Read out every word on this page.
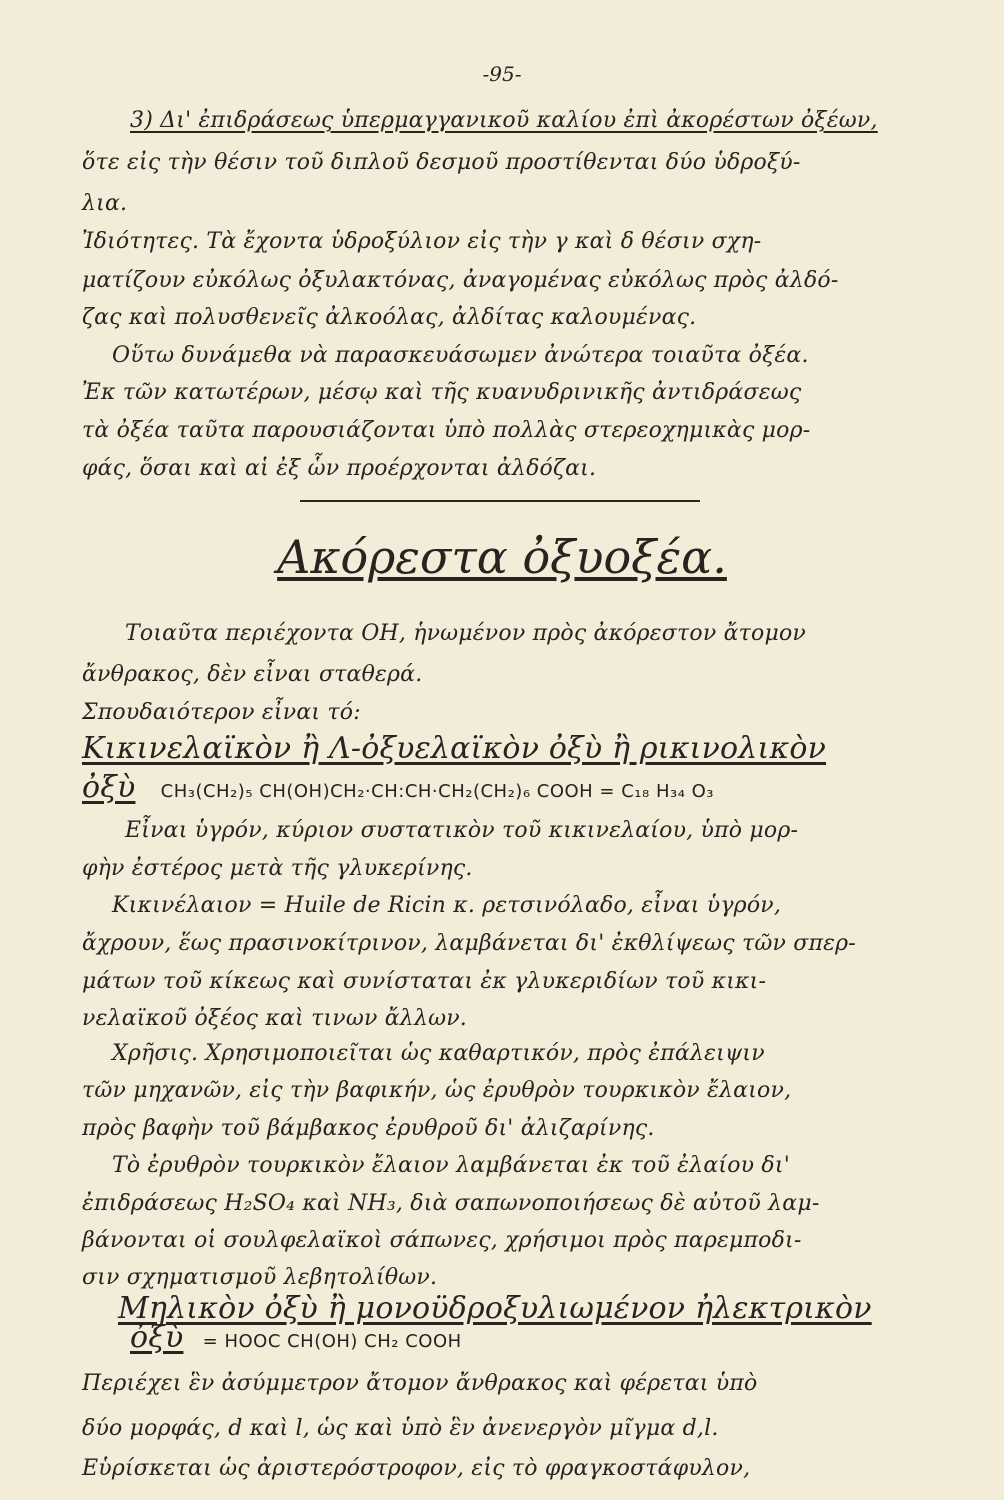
-95-
3) Δι' ἐπιδράσεως ὑπερμαγγανικοῦ καλίου ἐπὶ ἀκορέστων ὀξέων,
ὅτε εἰς τὴν θέσιν τοῦ διπλοῦ δεσμοῦ προστίθενται δύο ὑδροξύ-
λια.
Ἰδιότητες. Τὰ ἔχοντα ὑδροξύλιον εἰς τὴν γ καὶ δ θέσιν σχη-
ματίζουν εὐκόλως ὀξυλακτόνας, ἀναγομένας εὐκόλως πρὸς ἀλδό-
ζας καὶ πολυσθενεῖς ἀλκοόλας, ἀλδίτας καλουμένας.
Οὕτω δυνάμεθα νὰ παρασκευάσωμεν ἀνώτερα τοιαῦτα ὀξέα.
Ἐκ τῶν κατωτέρων, μέσῳ καὶ τῆς κυανυδρινικῆς ἀντιδράσεως
τὰ ὀξέα ταῦτα παρουσιάζονται ὑπὸ πολλὰς στερεοχημικὰς μορ-
φάς, ὅσαι καὶ αἱ ἐξ ὧν προέρχονται ἀλδόζαι.
Τοιαῦτα περιέχοντα OH, ἡνωμένον πρὸς ἀκόρεστον ἄτομον
ἄνθρακος, δὲν εἶναι σταθερά.
Σπουδαιότερον εἶναι τό:
Κικινελαϊκὸν ἢ Λ-ὀξυελαϊκὸν ὀξὺ ἢ ρικινολικὸν
Εἶναι ὑγρόν, κύριον συστατικὸν τοῦ κικινελαίου, ὑπὸ μορ-
φὴν ἐστέρος μετὰ τῆς γλυκερίνης.
Κικινέλαιον = Huile de Ricin κ. ρετσινόλαδο, εἶναι ὑγρόν,
ἄχρουν, ἕως πρασινοκίτρινον, λαμβάνεται δι' ἐκθλίψεως τῶν σπερ-
μάτων τοῦ κίκεως καὶ συνίσταται ἐκ γλυκεριδίων τοῦ κικι-
νελαϊκοῦ ὀξέος καὶ τινων ἄλλων.
Χρῆσις. Χρησιμοποιεῖται ὡς καθαρτικόν, πρὸς ἐπάλειψιν
τῶν μηχανῶν, εἰς τὴν βαφικήν, ὡς ἐρυθρὸν τουρκικὸν ἔλαιον,
πρὸς βαφὴν τοῦ βάμβακος ἐρυθροῦ δι' ἀλιζαρίνης.
Τὸ ἐρυθρὸν τουρκικὸν ἔλαιον λαμβάνεται ἐκ τοῦ ἐλαίου δι'
ἐπιδράσεως H₂SO₄ καὶ NH₃, διὰ σαπωνοποιήσεως δὲ αὐτοῦ λαμ-
βάνονται οἱ σουλφελαϊκοὶ σάπωνες, χρήσιμοι πρὸς παρεμποδι-
σιν σχηματισμοῦ λεβητολίθων.
Μηλικὸν ὀξὺ ἢ μονοϋδροξυλιωμένον ἠλεκτρικὸν
Περιέχει ἓν ἀσύμμετρον ἄτομον ἄνθρακος καὶ φέρεται ὑπὸ
δύο μορφάς, d καὶ l, ὡς καὶ ὑπὸ ἓν ἀνενεργὸν μῖγμα d,l.
Εὑρίσκεται ὡς ἀριστερόστροφον, εἰς τὸ φραγκοστάφυλον,
Ακόρεστα ὀξυοξέα.
ὀξὺ CH₃(CH₂)₅ CH(OH)CH₂·CH:CH·CH₂(CH₂)₆ COOH = C₁₈ H₃₄ O₃
ὀξὺ = HOOC CH(OH) CH₂ COOH
